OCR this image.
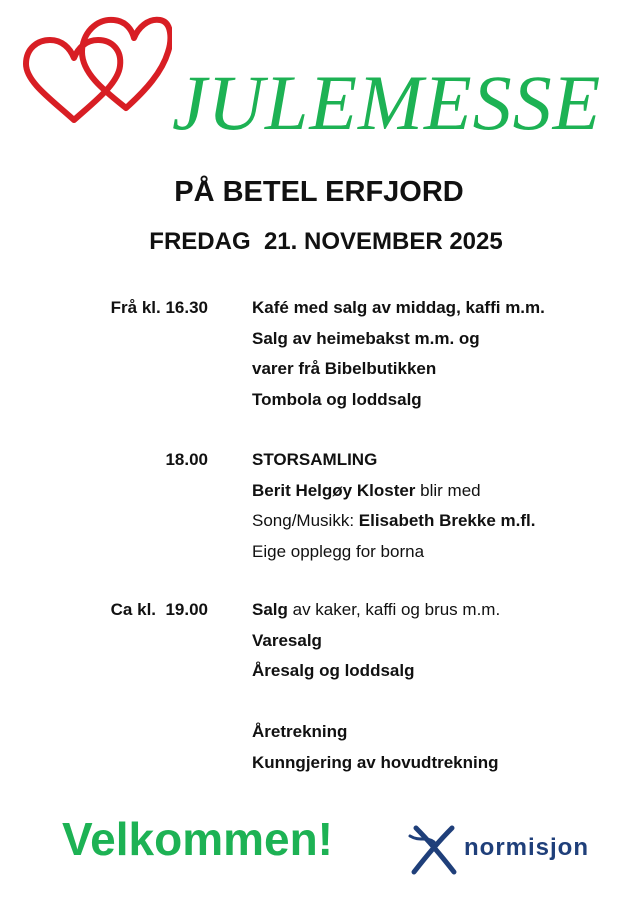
JULEMESSE
PÅ BETEL ERFJORD
FREDAG  21. NOVEMBER 2025
Frå kl. 16.30	Kafé med salg av middag, kaffi m.m.
Salg av heimebakst m.m. og
varer frå Bibelbutikken
Tombola og loddsalg
18.00	STORSAMLING
Berit Helgøy Kloster blir med
Song/Musikk: Elisabeth Brekke m.fl.
Eige opplegg for borna
Ca kl.  19.00	Salg av kaker, kaffi og brus m.m.
Varesalg
Åresalg og loddsalg
Åretrekning
Kunngjering av hovudtrekning
Velkommen!	normisjon
